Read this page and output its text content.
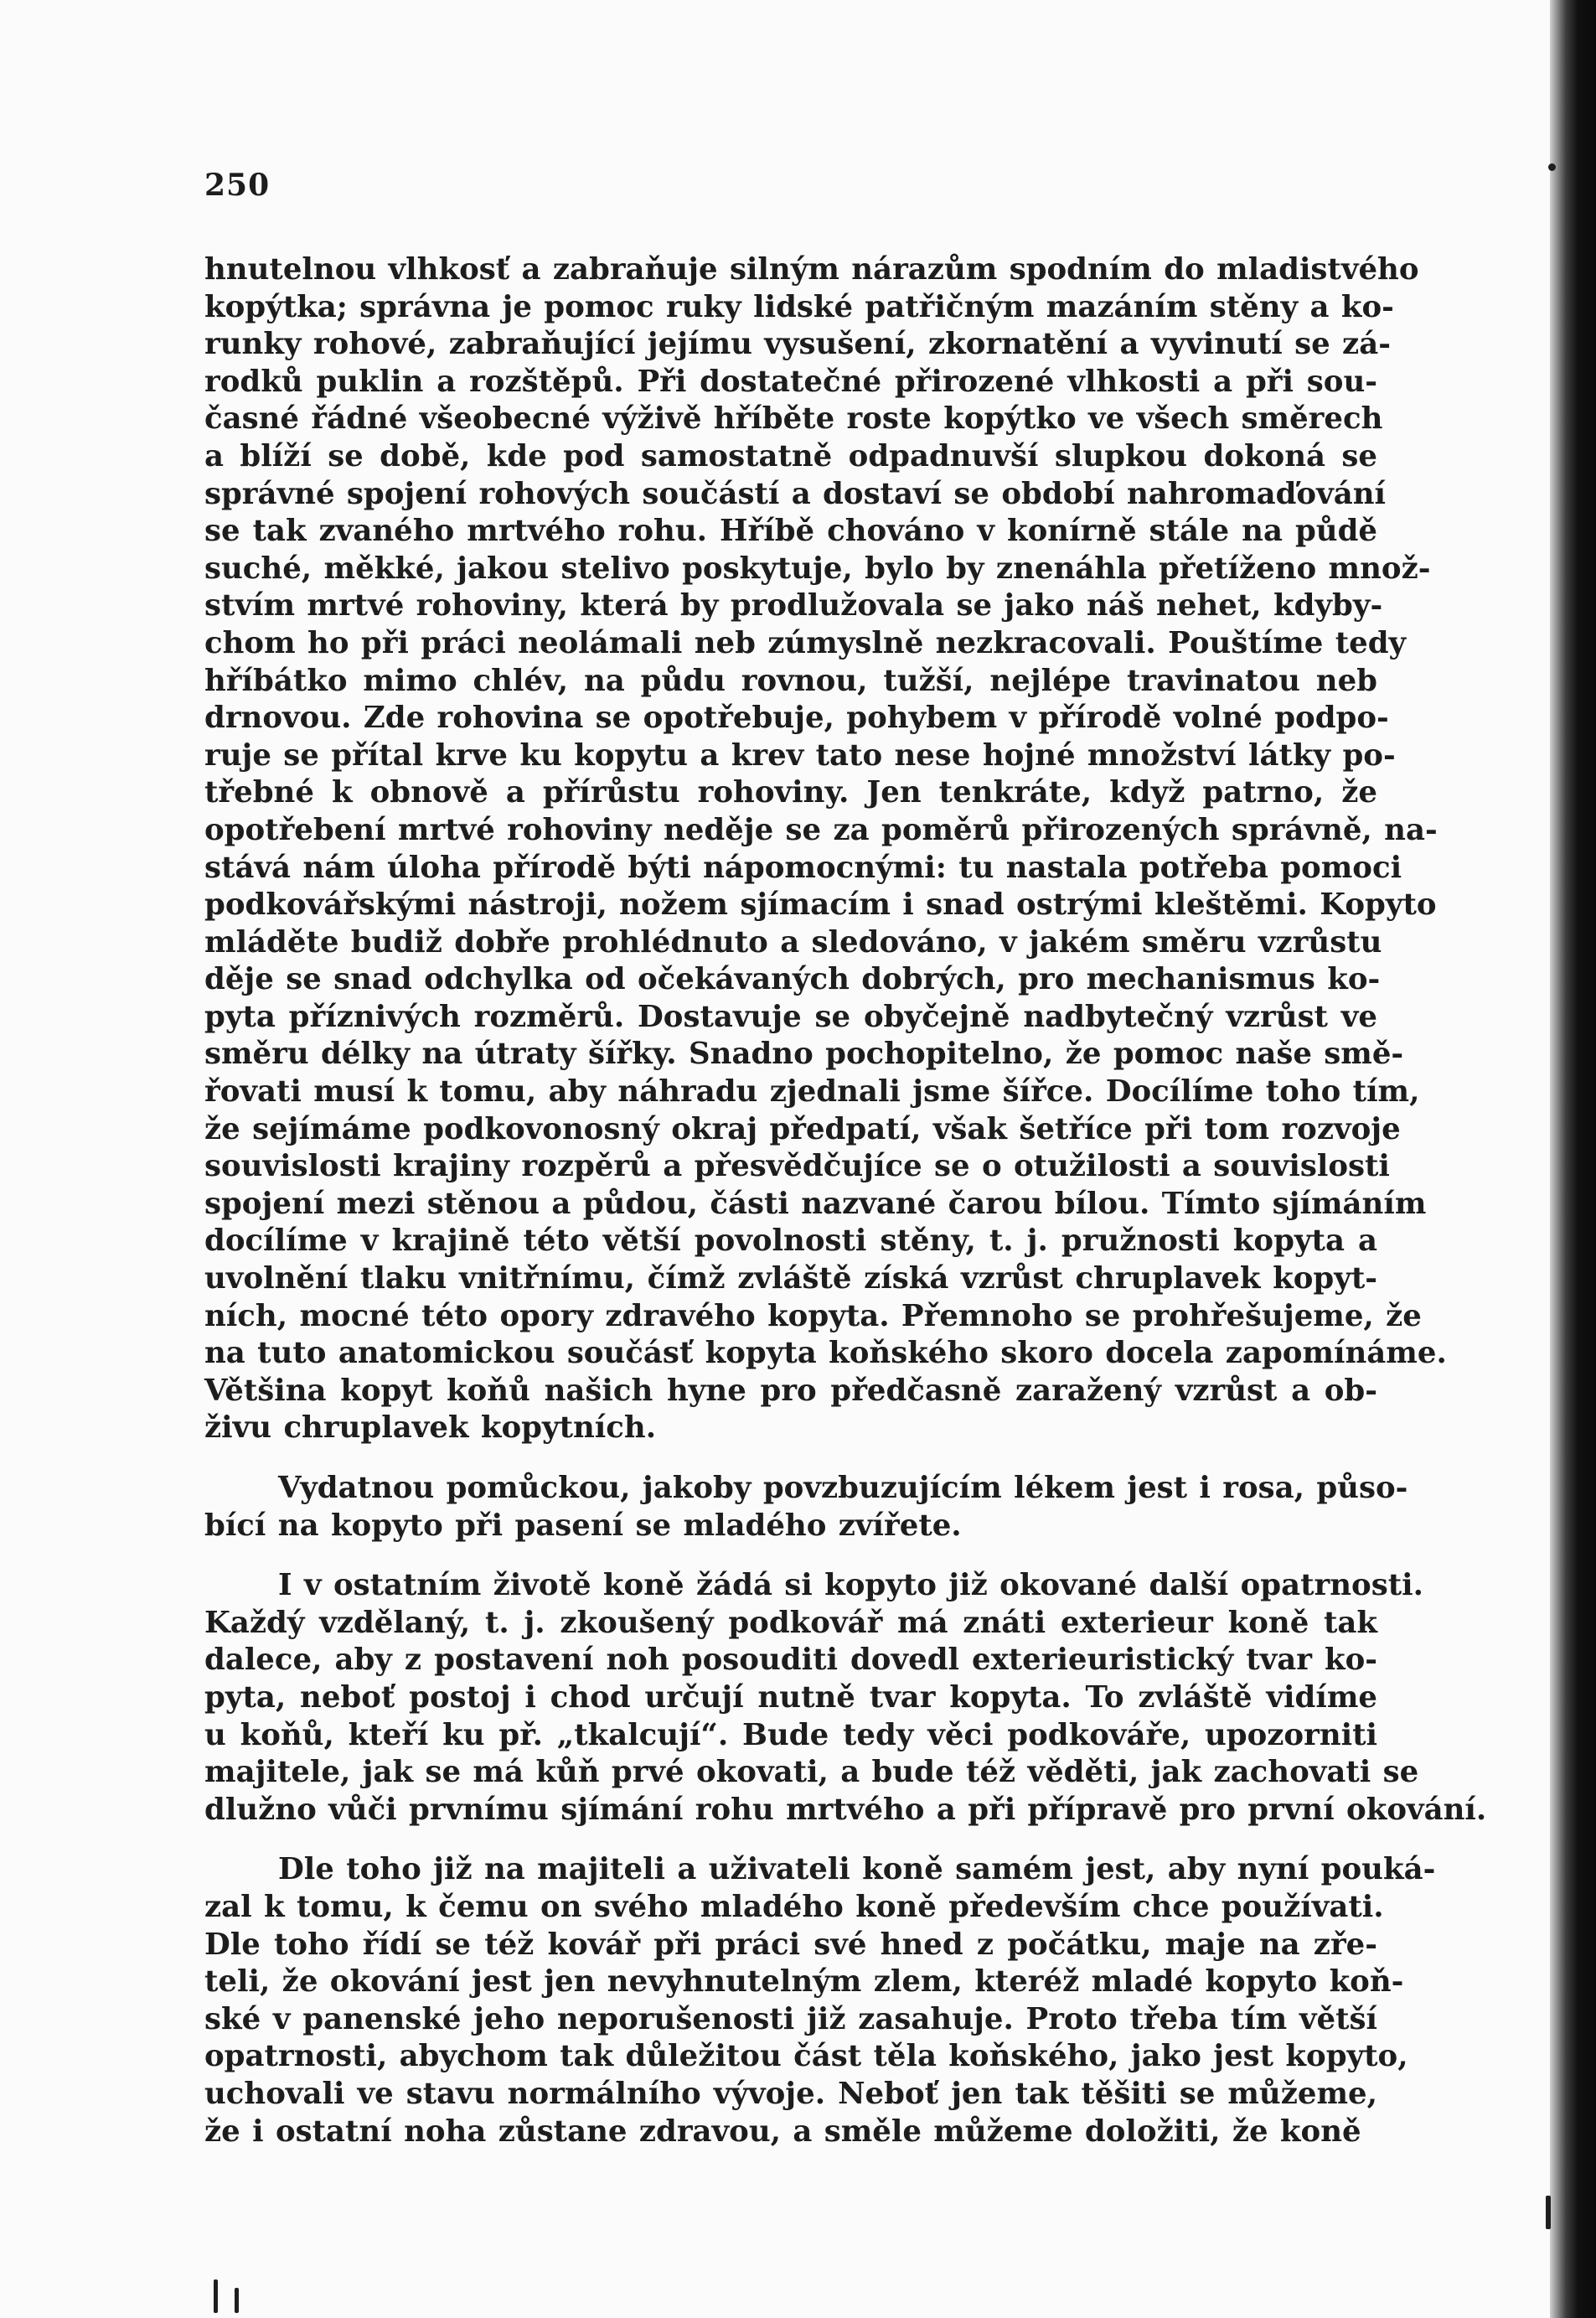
250

hnutelnou vlhkosť a zabraňuje silným nárazům spodním do mladistvého
kopýtka; správna je pomoc ruky lidské patřičným mazáním stěny a ko-
runky rohové, zabraňující jejímu vysušení, zkornatění a vyvinutí se zá-
rodků puklin a rozštěpů. Při dostatečné přirozené vlhkosti a při sou-
časné řádné všeobecné výživě hříběte roste kopýtko ve všech směrech
a blíží se době, kde pod samostatně odpadnuvší slupkou dokoná se
správné spojení rohových součástí a dostaví se období nahromaďování
se tak zvaného mrtvého rohu. Hříbě chováno v konírně stále na půdě
suché, měkké, jakou stelivo poskytuje, bylo by znenáhla přetíženo množ-
stvím mrtvé rohoviny, která by prodlužovala se jako náš nehet, kdyby-
chom ho při práci neolámali neb zúmyslně nezkracovali. Pouštíme tedy
hříbátko mimo chlév, na půdu rovnou, tužší, nejlépe travinatou neb
drnovou. Zde rohovina se opotřebuje, pohybem v přírodě volné podpo-
ruje se přítal krve ku kopytu a krev tato nese hojné množství látky po-
třebné k obnově a přírůstu rohoviny. Jen tenkráte, když patrno, že
opotřebení mrtvé rohoviny neděje se za poměrů přirozených správně, na-
stává nám úloha přírodě býti nápomocnými: tu nastala potřeba pomoci
podkovářskými nástroji, nožem sjímacím i snad ostrými kleštěmi. Kopyto
mláděte budiž dobře prohlédnuto a sledováno, v jakém směru vzrůstu
děje se snad odchylka od očekávaných dobrých, pro mechanismus ko-
pyta příznivých rozměrů. Dostavuje se obyčejně nadbytečný vzrůst ve
směru délky na útraty šířky. Snadno pochopitelno, že pomoc naše smě-
řovati musí k tomu, aby náhradu zjednali jsme šířce. Docílíme toho tím,
že sejímáme podkovonosný okraj předpatí, však šetříce při tom rozvoje
souvislosti krajiny rozpěrů a přesvědčujíce se o otužilosti a souvislosti
spojení mezi stěnou a půdou, části nazvané čarou bílou. Tímto sjímáním
docílíme v krajině této větší povolnosti stěny, t. j. pružnosti kopyta a
uvolnění tlaku vnitřnímu, čímž zvláště získá vzrůst chruplavek kopyt-
ních, mocné této opory zdravého kopyta. Přemnoho se prohřešujeme, že
na tuto anatomickou součásť kopyta koňského skoro docela zapomínáme.
Většina kopyt koňů našich hyne pro předčasně zaražený vzrůst a ob-
živu chruplavek kopytních.

Vydatnou pomůckou, jakoby povzbuzujícím lékem jest i rosa, půso-
bící na kopyto při pasení se mladého zvířete.

I v ostatním životě koně žádá si kopyto již okované další opatrnosti.
Každý vzdělaný, t. j. zkoušený podkovář má znáti exterieur koně tak
dalece, aby z postavení noh posouditi dovedl exterieuristický tvar ko-
pyta, neboť postoj i chod určují nutně tvar kopyta. To zvláště vidíme
u koňů, kteří ku př. „tkalcují“. Bude tedy věci podkováře, upozorniti
majitele, jak se má kůň prvé okovati, a bude též věděti, jak zachovati se
dlužno vůči prvnímu sjímání rohu mrtvého a při přípravě pro první okování.

Dle toho již na majiteli a uživateli koně samém jest, aby nyní pouká-
zal k tomu, k čemu on svého mladého koně především chce používati.
Dle toho řídí se též kovář při práci své hned z počátku, maje na zře-
teli, že okování jest jen nevyhnutelným zlem, kteréž mladé kopyto koň-
ské v panenské jeho neporušenosti již zasahuje. Proto třeba tím větší
opatrnosti, abychom tak důležitou část těla koňského, jako jest kopyto,
uchovali ve stavu normálního vývoje. Neboť jen tak těšiti se můžeme,
že i ostatní noha zůstane zdravou, a směle můžeme doložiti, že koně
